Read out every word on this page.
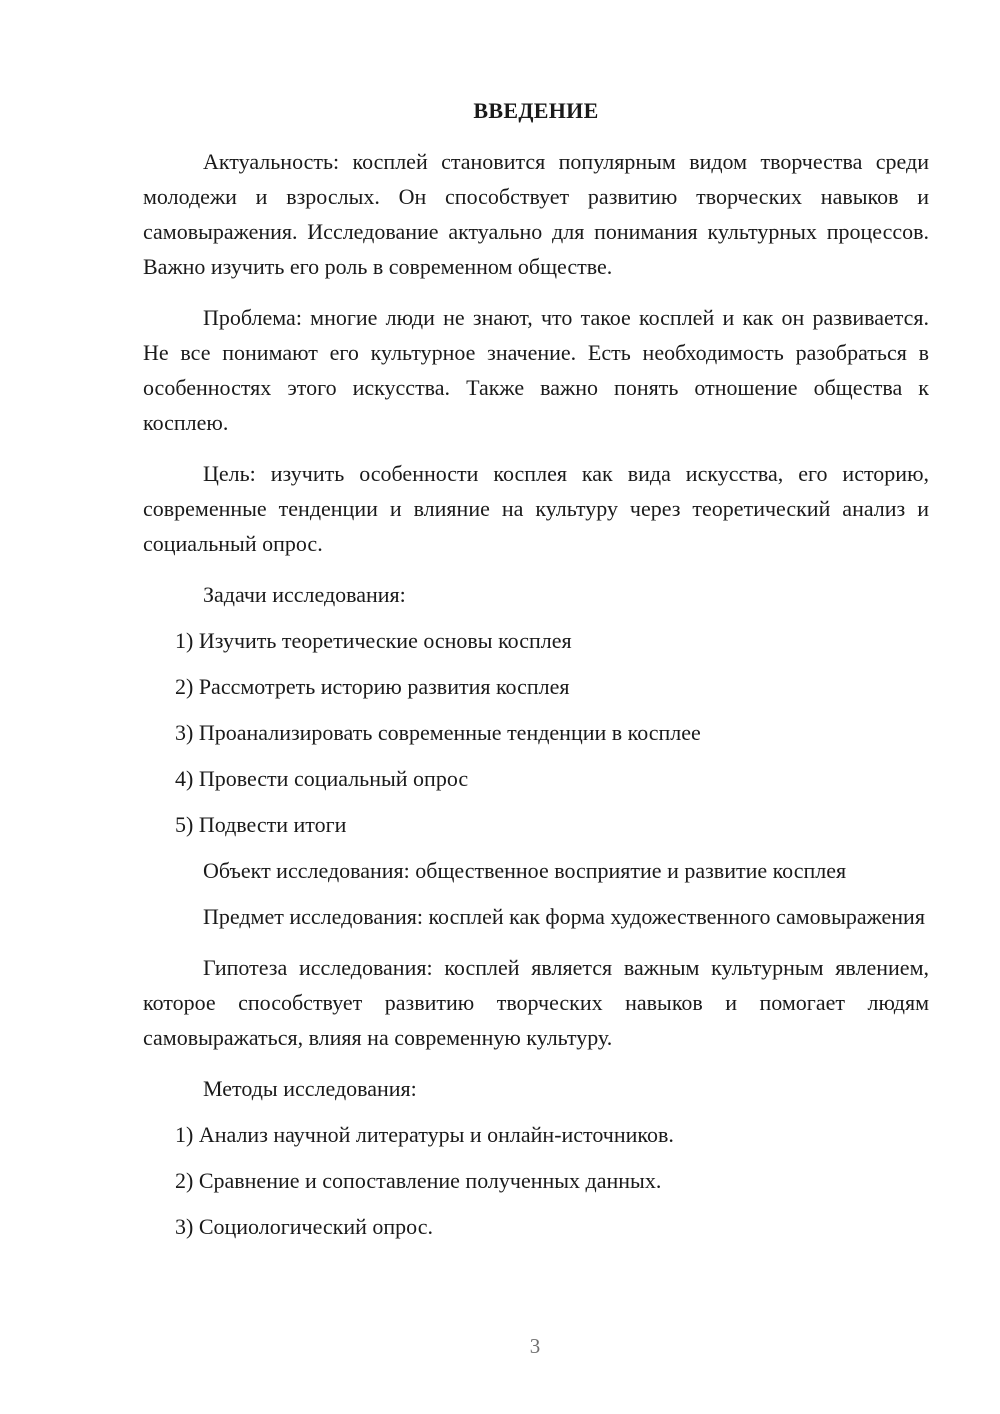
ВВЕДЕНИЕ

Актуальность: косплей становится популярным видом творчества среди молодежи и взрослых. Он способствует развитию творческих навыков и самовыражения. Исследование актуально для понимания культурных процессов. Важно изучить его роль в современном обществе.

Проблема: многие люди не знают, что такое косплей и как он развивается. Не все понимают его культурное значение. Есть необходимость разобраться в особенностях этого искусства. Также важно понять отношение общества к косплею.

Цель: изучить особенности косплея как вида искусства, его историю, современные тенденции и влияние на культуру через теоретический анализ и социальный опрос.

Задачи исследования:

1) Изучить теоретические основы косплея
2) Рассмотреть историю развития косплея
3) Проанализировать современные тенденции в косплее
4) Провести социальный опрос
5) Подвести итоги

Объект исследования: общественное восприятие и развитие косплея

Предмет исследования: косплей как форма художественного самовыражения

Гипотеза исследования: косплей является важным культурным явлением, которое способствует развитию творческих навыков и помогает людям самовыражаться, влияя на современную культуру.

Методы исследования:

1) Анализ научной литературы и онлайн-источников.
2) Сравнение и сопоставление полученных данных.
3) Социологический опрос.
3
